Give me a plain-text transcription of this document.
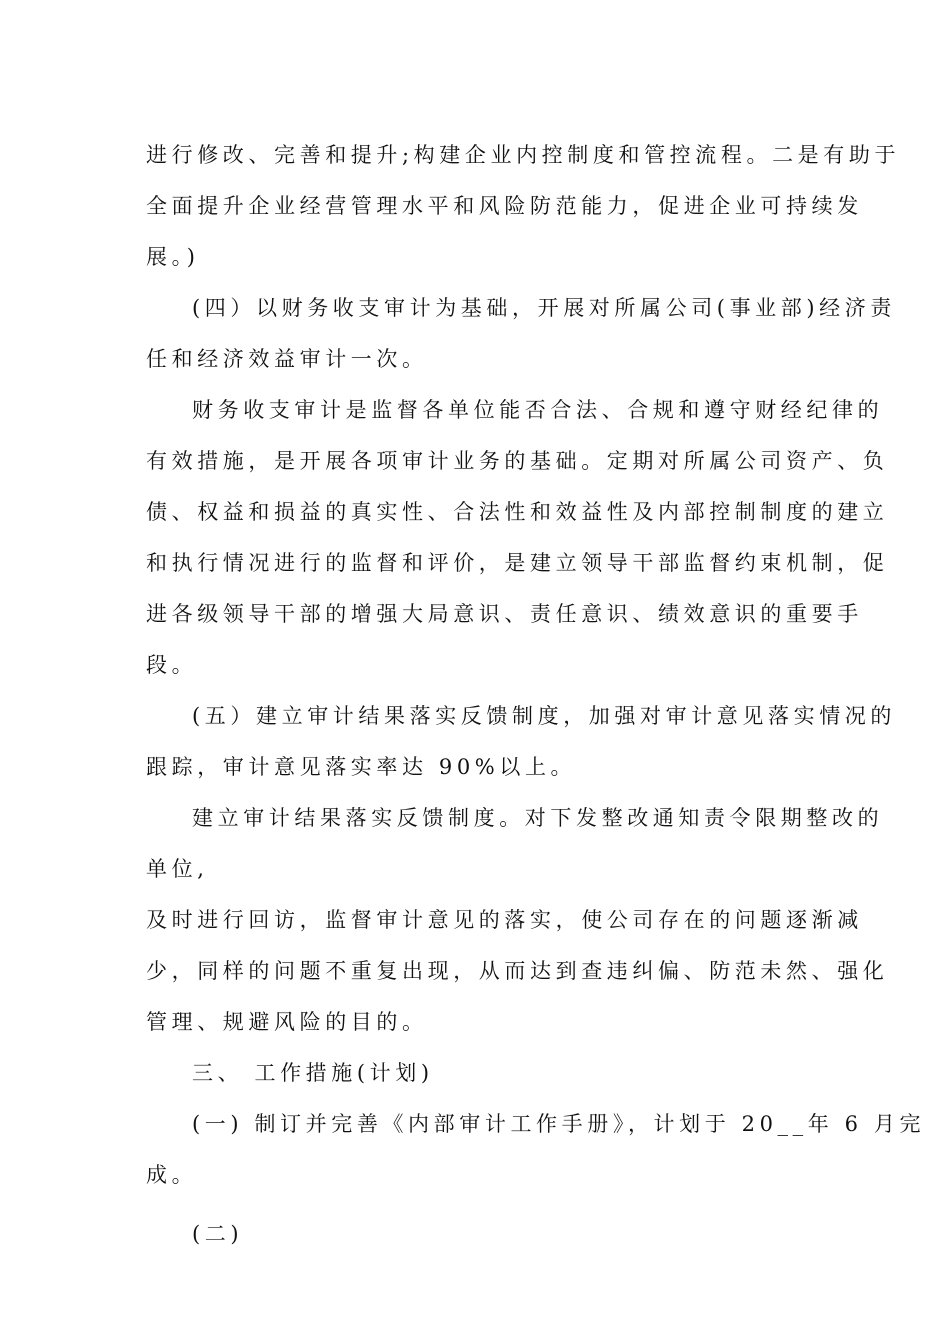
进行修改、完善和提升;构建企业内控制度和管控流程。二是有助于
全面提升企业经营管理水平和风险防范能力，促进企业可持续发
展。)
(四）以财务收支审计为基础，开展对所属公司(事业部)经济责
任和经济效益审计一次。
财务收支审计是监督各单位能否合法、合规和遵守财经纪律的
有效措施，是开展各项审计业务的基础。定期对所属公司资产、负
债、权益和损益的真实性、合法性和效益性及内部控制制度的建立
和执行情况进行的监督和评价，是建立领导干部监督约束机制，促
进各级领导干部的增强大局意识、责任意识、绩效意识的重要手
段。
(五）建立审计结果落实反馈制度，加强对审计意见落实情况的
跟踪，审计意见落实率达 90%以上。
建立审计结果落实反馈制度。对下发整改通知责令限期整改的
单位,
及时进行回访，监督审计意见的落实，使公司存在的问题逐渐减
少，同样的问题不重复出现，从而达到查违纠偏、防范未然、强化
管理、规避风险的目的。
三、 工作措施(计划)
(一) 制订并完善《内部审计工作手册》，计划于 20__年 6 月完
成。
(二)
